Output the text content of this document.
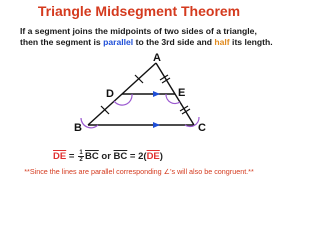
Triangle Midsegment Theorem
If a segment joins the midpoints of two sides of a triangle,
then the segment is parallel to the 3rd side and half its length.
A
B	C
D	E
$\overline{DE} = \frac{1}{2} \overline{BC}$ or $\overline{BC} = 2(\overline{DE})$
**Since the lines are parallel corresponding ∠'s will also be congruent.**
